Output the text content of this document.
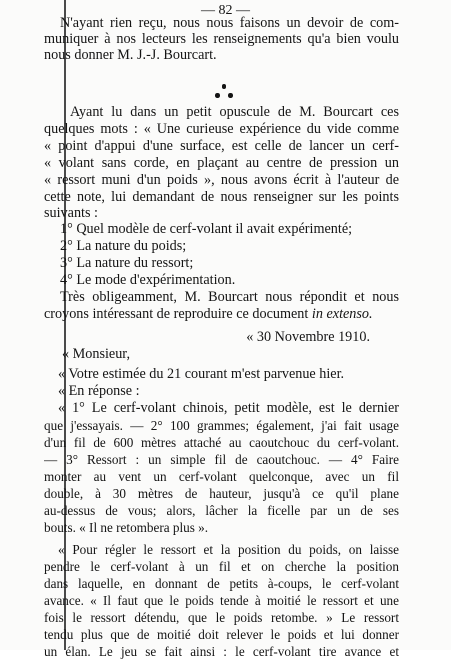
— 82 —
N'ayant rien reçu, nous nous faisons un devoir de com-
muniquer à nos lecteurs les renseignements qu'a bien voulu
nous donner M. J.-J. Bourcart.
Ayant lu dans un petit opuscule de M. Bourcart ces
quelques mots : « Une curieuse expérience du vide comme
« point d'appui d'une surface, est celle de lancer un cerf-
« volant sans corde, en plaçant au centre de pression un
« ressort muni d'un poids », nous avons écrit à l'auteur de
cette note, lui demandant de nous renseigner sur les points
suivants :
1° Quel modèle de cerf-volant il avait expérimenté;
2° La nature du poids;
3° La nature du ressort;
4° Le mode d'expérimentation.
Très obligeamment, M. Bourcart nous répondit et nous
croyons intéressant de reproduire ce document in extenso.
« 30 Novembre 1910.
« Monsieur,
« Votre estimée du 21 courant m'est parvenue hier.
« En réponse :
« 1° Le cerf-volant chinois, petit modèle, est le dernier
que j'essayais. — 2° 100 grammes; également, j'ai fait usage
d'un fil de 600 mètres attaché au caoutchouc du cerf-volant.
— 3° Ressort : un simple fil de caoutchouc. — 4° Faire
monter au vent un cerf-volant quelconque, avec un fil
double, à 30 mètres de hauteur, jusqu'à ce qu'il plane
au-dessus de vous; alors, lâcher la ficelle par un de ses
bouts. « Il ne retombera plus ».
« Pour régler le ressort et la position du poids, on laisse
pendre le cerf-volant à un fil et on cherche la position
dans laquelle, en donnant de petits à-coups, le cerf-volant
avance. « Il faut que le poids tende à moitié le ressort et une
fois le ressort détendu, que le poids retombe. » Le ressort
tendu plus que de moitié doit relever le poids et lui donner
un élan. Le jeu se fait ainsi : le cerf-volant tire avance et
